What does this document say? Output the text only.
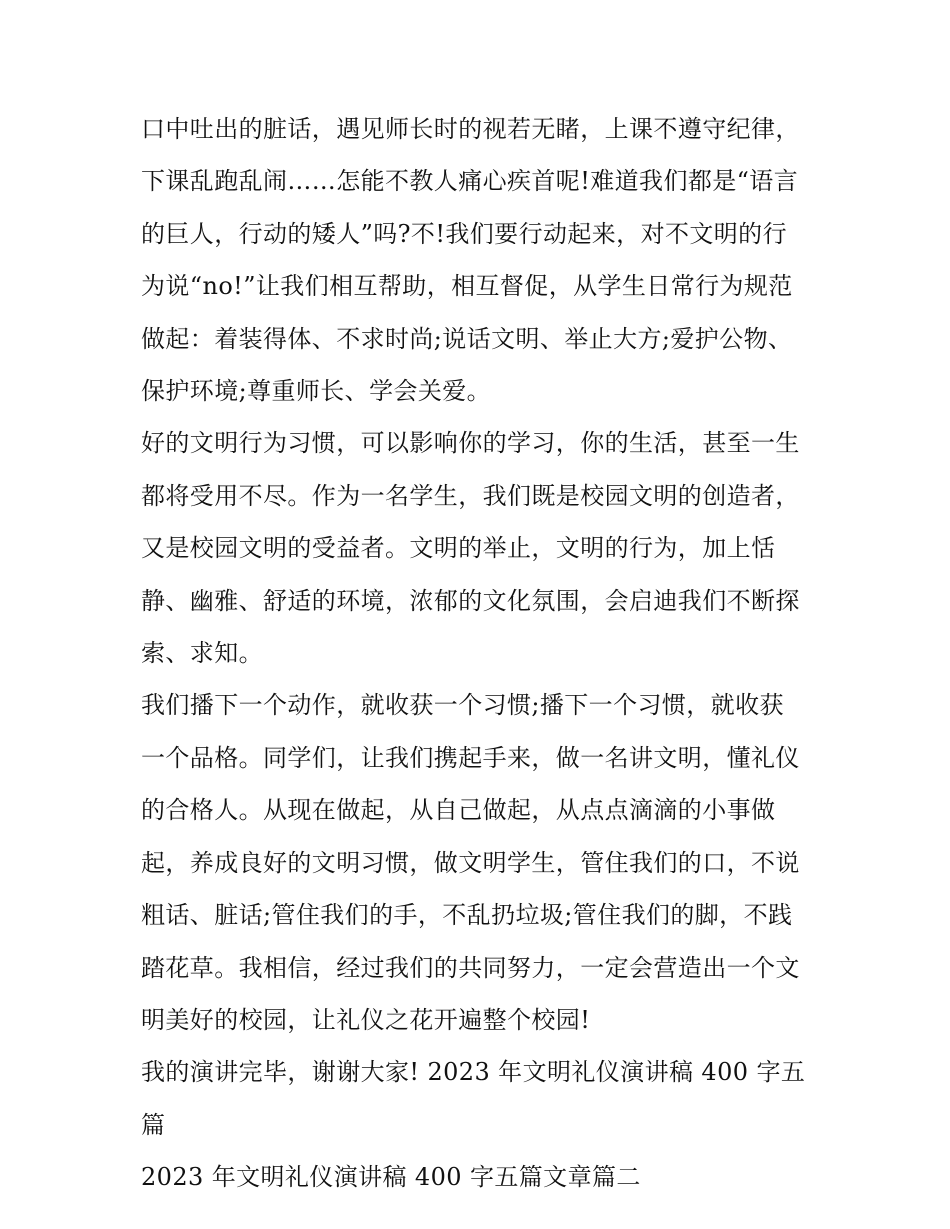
口中吐出的脏话，遇见师长时的视若无睹，上课不遵守纪律，
下课乱跑乱闹……怎能不教人痛心疾首呢!难道我们都是“语言
的巨人，行动的矮人”吗?不!我们要行动起来，对不文明的行
为说“no!”让我们相互帮助，相互督促，从学生日常行为规范
做起：着装得体、不求时尚;说话文明、举止大方;爱护公物、
保护环境;尊重师长、学会关爱。

好的文明行为习惯，可以影响你的学习，你的生活，甚至一生
都将受用不尽。作为一名学生，我们既是校园文明的创造者，
又是校园文明的受益者。文明的举止，文明的行为，加上恬
静、幽雅、舒适的环境，浓郁的文化氛围，会启迪我们不断探
索、求知。

我们播下一个动作，就收获一个习惯;播下一个习惯，就收获
一个品格。同学们，让我们携起手来，做一名讲文明，懂礼仪
的合格人。从现在做起，从自己做起，从点点滴滴的小事做
起，养成良好的文明习惯，做文明学生，管住我们的口，不说
粗话、脏话;管住我们的手，不乱扔垃圾;管住我们的脚，不践
踏花草。我相信，经过我们的共同努力，一定会营造出一个文
明美好的校园，让礼仪之花开遍整个校园!

我的演讲完毕，谢谢大家! 2023 年文明礼仪演讲稿 400 字五篇
2023 年文明礼仪演讲稿 400 字五篇文章篇二
